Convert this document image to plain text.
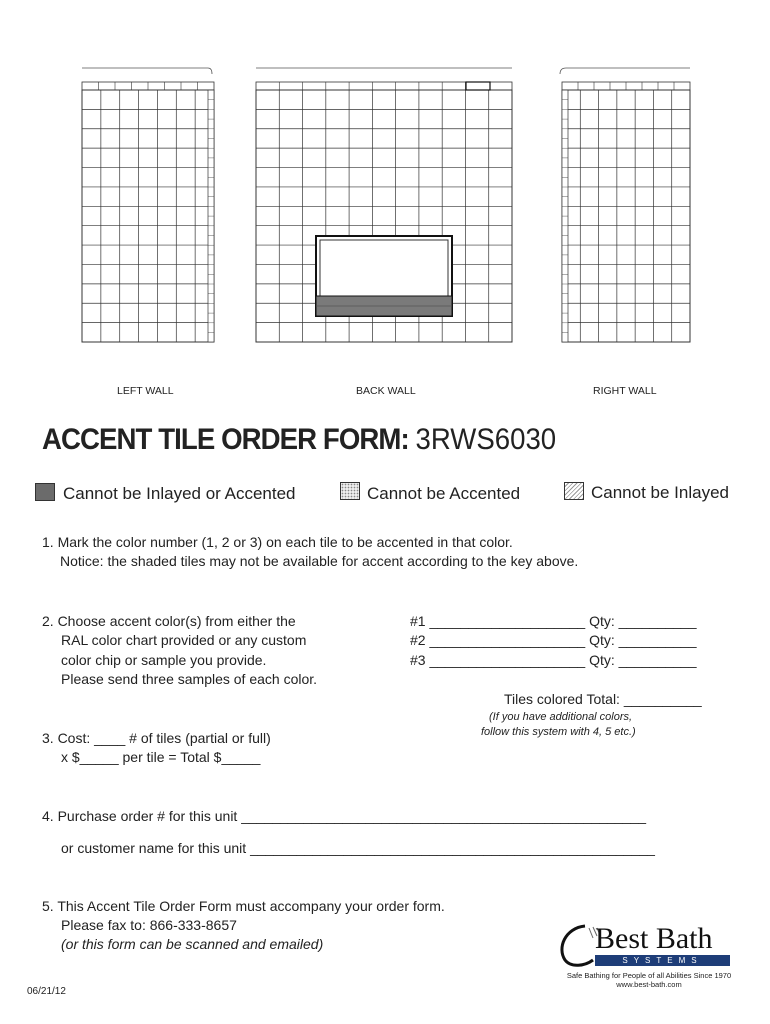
LEFT WALL	BACK WALL	RIGHT WALL
ACCENT TILE ORDER FORM: 3RWS6030
Cannot be Inlayed or Accented	Cannot be Accented	Cannot be Inlayed
1. Mark the color number (1, 2 or 3) on each tile to be accented in that color.
Notice: the shaded tiles may not be available for accent according to the key above.
2. Choose accent color(s) from either the
RAL color chart provided or any custom
color chip or sample you provide.
Please send three samples of each color.
#1 ____________________ Qty: __________
#2 ____________________ Qty: __________
#3 ____________________ Qty: __________
Tiles colored Total: __________
(If you have additional colors,
follow this system with 4, 5 etc.)
3. Cost: ____ # of tiles (partial or full)
x $_____ per tile = Total $_____
4. Purchase order # for this unit ____________________________________________________
or customer name for this unit ____________________________________________________
5. This Accent Tile Order Form must accompany your order form.
Please fax to: 866-333-8657
(or this form can be scanned and emailed)
06/21/12
Best Bath
SYSTEMS
Safe Bathing for People of all Abilities Since 1970
www.best-bath.com
